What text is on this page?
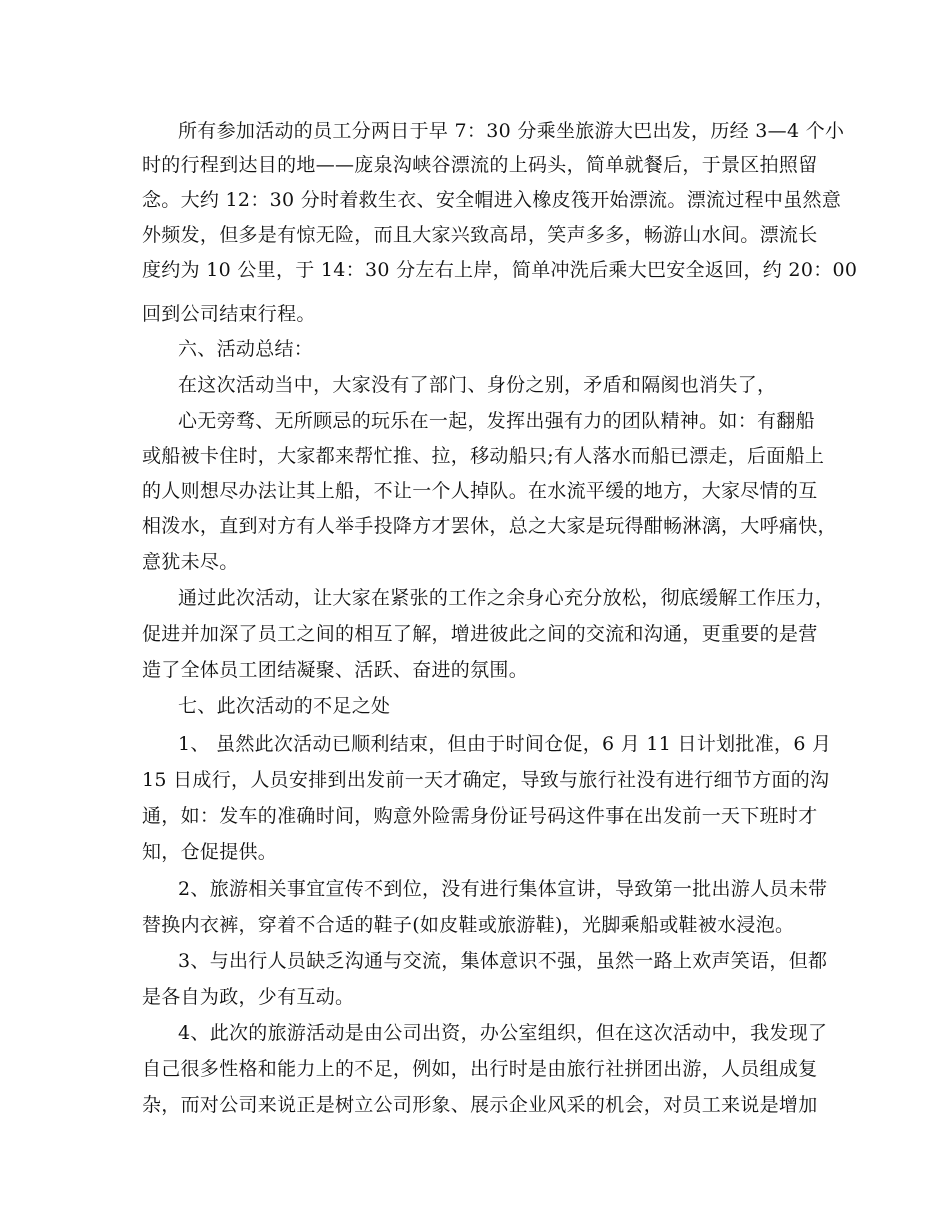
所有参加活动的员工分两日于早 7：30 分乘坐旅游大巴出发，历经 3—4 个小
时的行程到达目的地——庞泉沟峡谷漂流的上码头，简单就餐后，于景区拍照留
念。大约 12：30 分时着救生衣、安全帽进入橡皮筏开始漂流。漂流过程中虽然意
外频发，但多是有惊无险，而且大家兴致高昂，笑声多多，畅游山水间。漂流长
度约为 10 公里，于 14：30 分左右上岸，简单冲洗后乘大巴安全返回，约 20：00
回到公司结束行程。
六、活动总结：
在这次活动当中，大家没有了部门、身份之别，矛盾和隔阂也消失了，
心无旁骛、无所顾忌的玩乐在一起，发挥出强有力的团队精神。如：有翻船
或船被卡住时，大家都来帮忙推、拉，移动船只;有人落水而船已漂走，后面船上
的人则想尽办法让其上船，不让一个人掉队。在水流平缓的地方，大家尽情的互
相泼水，直到对方有人举手投降方才罢休，总之大家是玩得酣畅淋漓，大呼痛快，
意犹未尽。
通过此次活动，让大家在紧张的工作之余身心充分放松，彻底缓解工作压力，
促进并加深了员工之间的相互了解，增进彼此之间的交流和沟通，更重要的是营
造了全体员工团结凝聚、活跃、奋进的氛围。
七、此次活动的不足之处
1、 虽然此次活动已顺利结束，但由于时间仓促，6 月 11 日计划批准，6 月
15 日成行，人员安排到出发前一天才确定，导致与旅行社没有进行细节方面的沟
通，如：发车的准确时间，购意外险需身份证号码这件事在出发前一天下班时才
知，仓促提供。
2、旅游相关事宜宣传不到位，没有进行集体宣讲，导致第一批出游人员未带
替换内衣裤，穿着不合适的鞋子(如皮鞋或旅游鞋)，光脚乘船或鞋被水浸泡。
3、与出行人员缺乏沟通与交流，集体意识不强，虽然一路上欢声笑语，但都
是各自为政，少有互动。
4、此次的旅游活动是由公司出资，办公室组织，但在这次活动中，我发现了
自己很多性格和能力上的不足，例如，出行时是由旅行社拼团出游，人员组成复
杂，而对公司来说正是树立公司形象、展示企业风采的机会，对员工来说是增加
